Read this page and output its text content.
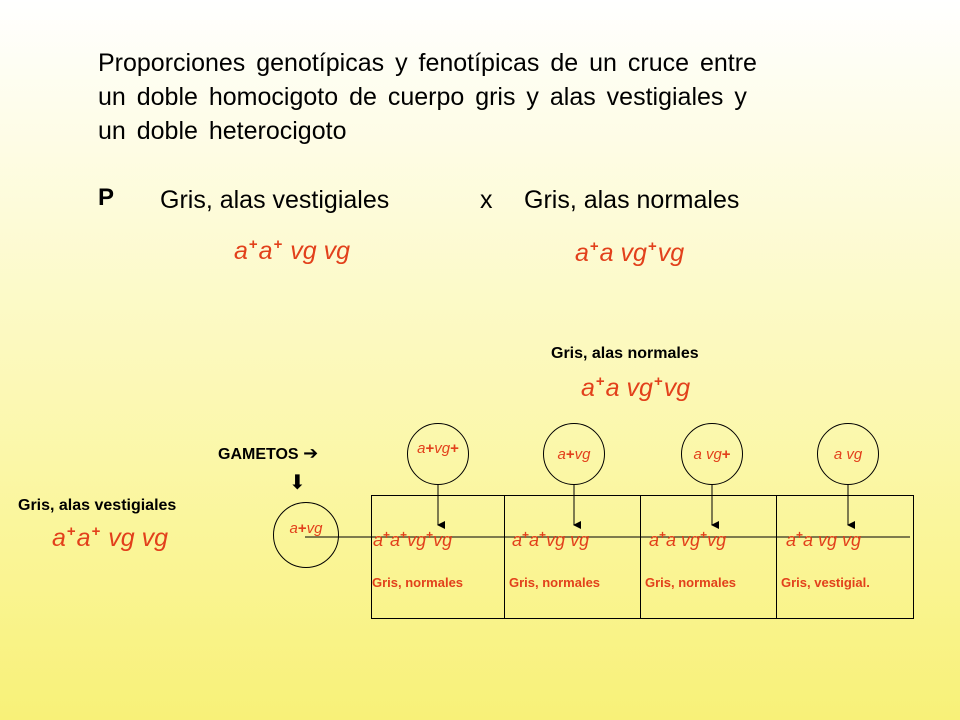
Proporciones genotípicas y fenotípicas de un cruce entre
un doble homocigoto de cuerpo gris y alas vestigiales y
un doble heterocigoto
P Gris, alas vestigiales	x Gris, alas normales
a+a+ vg vg	a+a vg+vg
Gris, alas normales
a+a vg+vg
GAMETOS ➔
⬇
Gris, alas vestigiales
a+a+ vg vg
a+vg+	a+vg	a vg+	a vg
a+vg
a+a+vg+vg	a+a+vg vg	a+a vg+vg	a+a vg vg
Gris, normales	Gris, normales	Gris, normales	Gris, vestigial.
